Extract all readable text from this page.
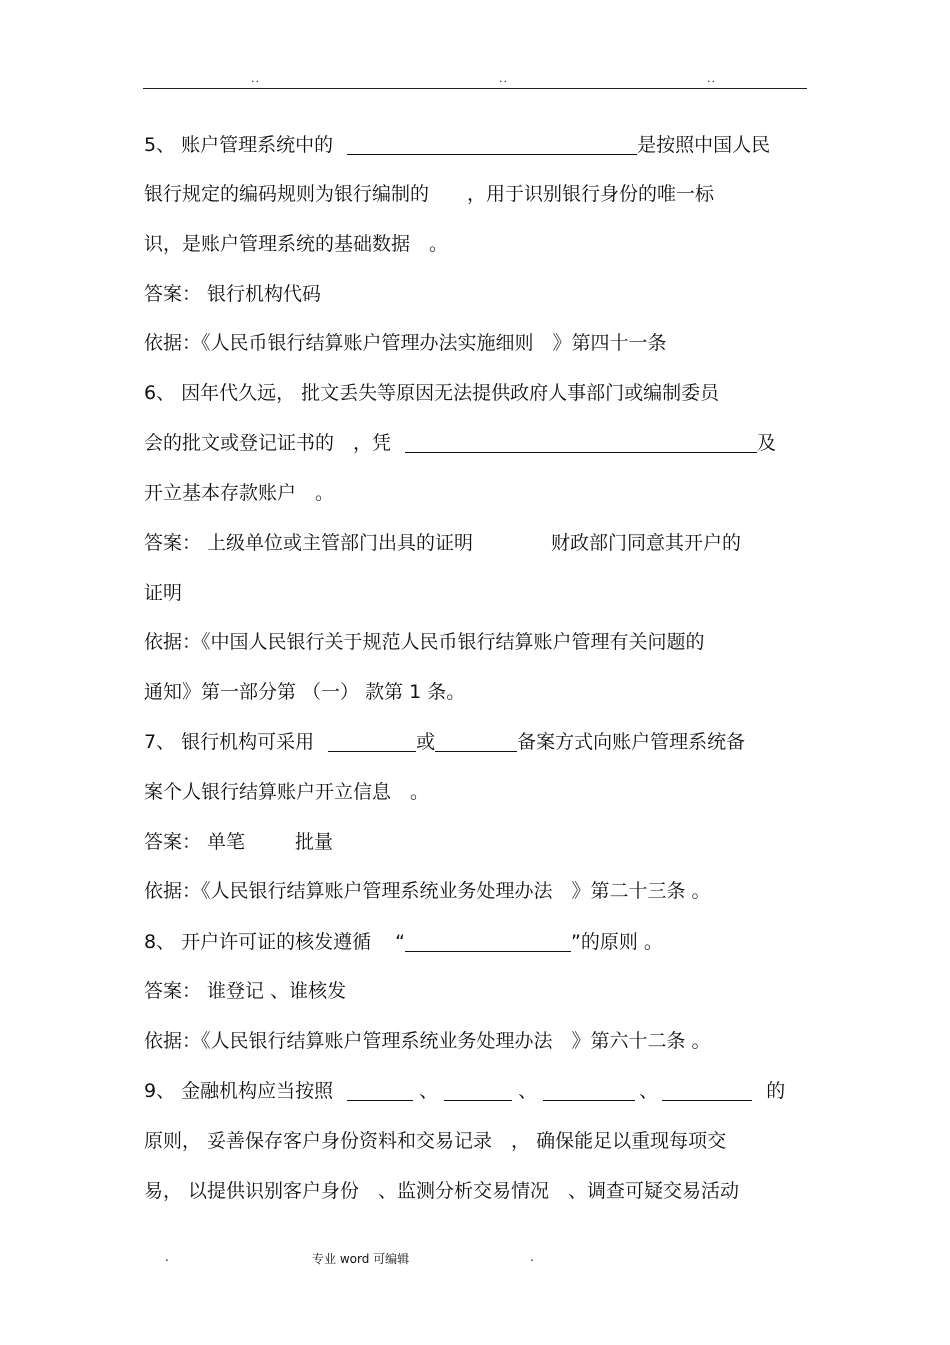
..	..	..
5、 账户管理系统中的	是按照中国人民
银行规定的编码规则为银行编制的　　，用于识别银行身份的唯一标
识，是账户管理系统的基础数据　。
答案： 银行机构代码
依据：《人民币银行结算账户管理办法实施细则　》第四十一条
6、 因年代久远， 批文丢失等原因无法提供政府人事部门或编制委员
会的批文或登记证书的　，凭	及
开立基本存款账户　。
答案： 上级单位或主管部门出具的证明	财政部门同意其开户的
证明
依据：《中国人民银行关于规范人民币银行结算账户管理有关问题的
通知》第一部分第 （一） 款第 1 条。
7、 银行机构可采用	或	备案方式向账户管理系统备
案个人银行结算账户开立信息　。
答案： 单笔	批量
依据：《人民银行结算账户管理系统业务处理办法　》第二十三条 。
8、 开户许可证的核发遵循 “	”的原则 。
答案： 谁登记 、谁核发
依据：《人民银行结算账户管理系统业务处理办法　》第六十二条 。
9、 金融机构应当按照	、	、	、	的
原则， 妥善保存客户身份资料和交易记录　， 确保能足以重现每项交
易， 以提供识别客户身份　、监测分析交易情况　、调查可疑交易活动
.	专业 word 可编辑	.
